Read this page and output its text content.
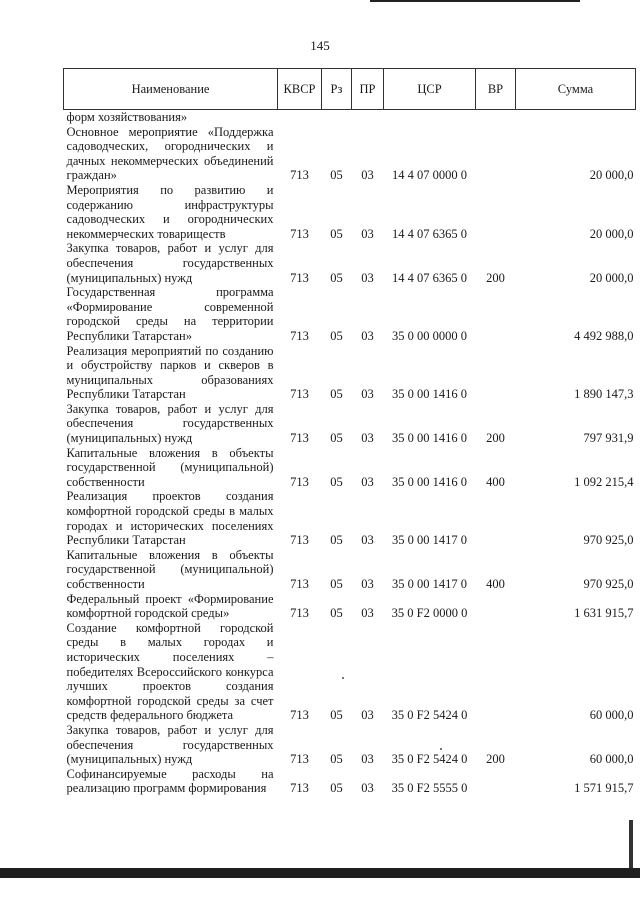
145
Наименование	КВСР	Рз	ПР	ЦСР	ВР	Сумма
форм хозяйствования»						
Основное мероприятие «Поддержка садоводческих, огороднических и дачных некоммерческих объединений граждан»	713	05	03	14 4 07 0000 0		20 000,0
Мероприятия по развитию и содержанию инфраструктуры садоводческих и огороднических некоммерческих товариществ	713	05	03	14 4 07 6365 0		20 000,0
Закупка товаров, работ и услуг для обеспечения государственных (муниципальных) нужд	713	05	03	14 4 07 6365 0	200	20 000,0
Государственная программа «Формирование современной городской среды на территории Республики Татарстан»	713	05	03	35 0 00 0000 0		4 492 988,0
Реализация мероприятий по созданию и обустройству парков и скверов в муниципальных образованиях Республики Татарстан	713	05	03	35 0 00 1416 0		1 890 147,3
Закупка товаров, работ и услуг для обеспечения государственных (муниципальных) нужд	713	05	03	35 0 00 1416 0	200	797 931,9
Капитальные вложения в объекты государственной (муниципальной) собственности	713	05	03	35 0 00 1416 0	400	1 092 215,4
Реализация проектов создания комфортной городской среды в малых городах и исторических поселениях Республики Татарстан	713	05	03	35 0 00 1417 0		970 925,0
Капитальные вложения в объекты государственной (муниципальной) собственности	713	05	03	35 0 00 1417 0	400	970 925,0
Федеральный проект «Формирование комфортной городской среды»	713	05	03	35 0 F2 0000 0		1 631 915,7
Создание комфортной городской среды в малых городах и исторических поселениях – победителях Всероссийского конкурса лучших проектов создания комфортной городской среды за счет средств федерального бюджета	713	05	03	35 0 F2 5424 0		60 000,0
Закупка товаров, работ и услуг для обеспечения государственных (муниципальных) нужд	713	05	03	35 0 F2 5424 0	200	60 000,0
Софинансируемые расходы на реализацию программ формирования	713	05	03	35 0 F2 5555 0		1 571 915,7
